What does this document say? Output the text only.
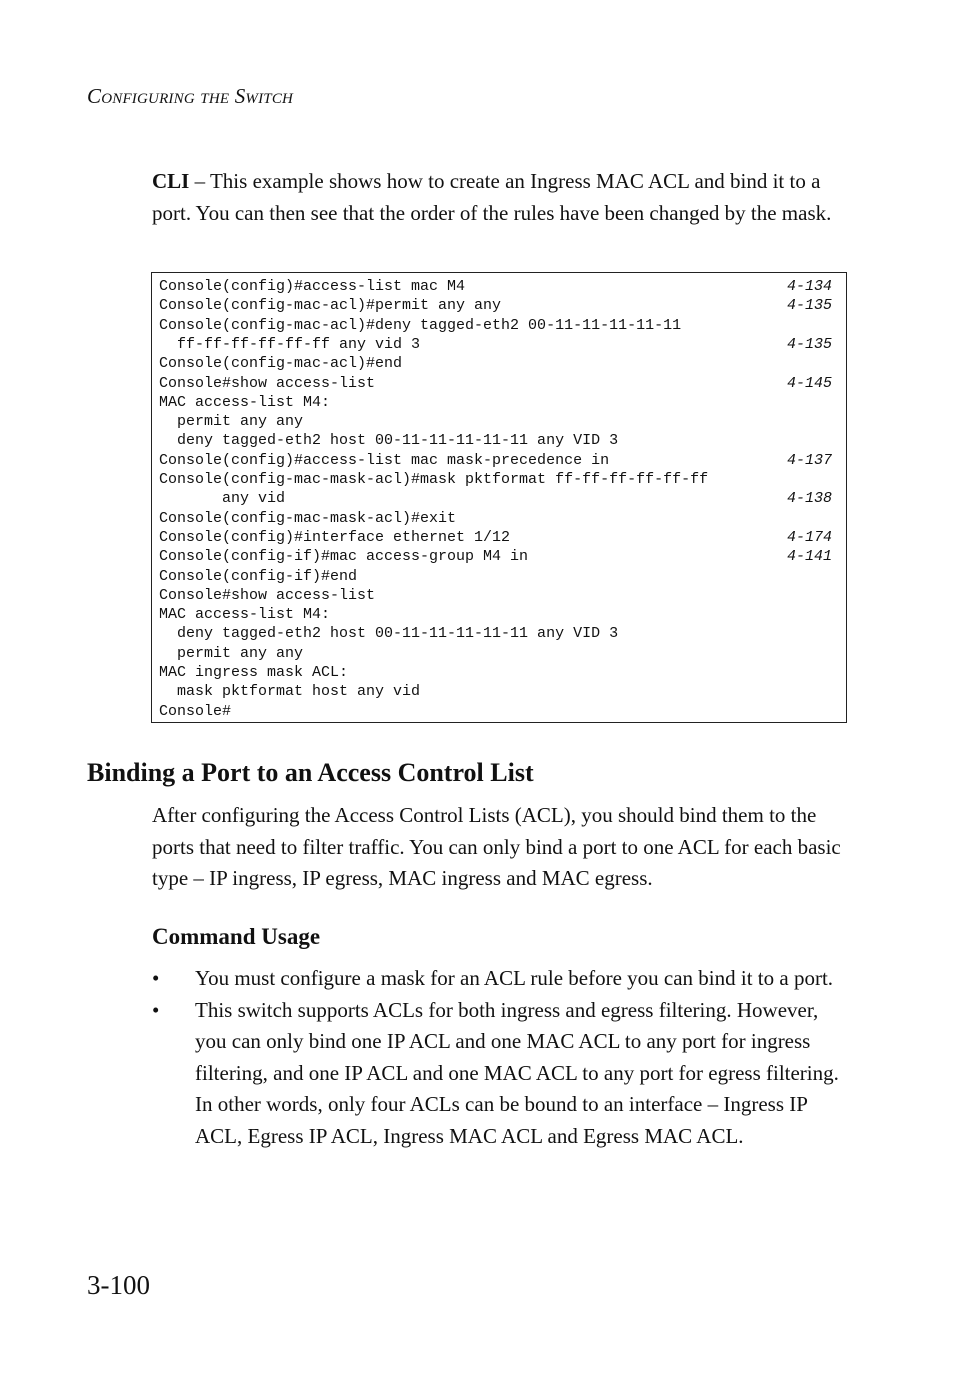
Configuring the Switch

CLI – This example shows how to create an Ingress MAC ACL and bind it to a port. You can then see that the order of the rules have been changed by the mask.

Console(config)#access-list mac M4	4-134
Console(config-mac-acl)#permit any any	4-135
Console(config-mac-acl)#deny tagged-eth2 00-11-11-11-11-11
ff-ff-ff-ff-ff-ff any vid 3	4-135
Console(config-mac-acl)#end
Console#show access-list	4-145
MAC access-list M4:
permit any any
deny tagged-eth2 host 00-11-11-11-11-11 any VID 3
Console(config)#access-list mac mask-precedence in	4-137
Console(config-mac-mask-acl)#mask pktformat ff-ff-ff-ff-ff-ff
any vid	4-138
Console(config-mac-mask-acl)#exit
Console(config)#interface ethernet 1/12	4-174
Console(config-if)#mac access-group M4 in	4-141
Console(config-if)#end
Console#show access-list
MAC access-list M4:
deny tagged-eth2 host 00-11-11-11-11-11 any VID 3
permit any any
MAC ingress mask ACL:
mask pktformat host any vid
Console#
Binding a Port to an Access Control List

After configuring the Access Control Lists (ACL), you should bind them to the ports that need to filter traffic. You can only bind a port to one ACL for each basic type – IP ingress, IP egress, MAC ingress and MAC egress.

Command Usage
• You must configure a mask for an ACL rule before you can bind it to a port.
• This switch supports ACLs for both ingress and egress filtering. However, you can only bind one IP ACL and one MAC ACL to any port for ingress filtering, and one IP ACL and one MAC ACL to any port for egress filtering. In other words, only four ACLs can be bound to an interface – Ingress IP ACL, Egress IP ACL, Ingress MAC ACL and Egress MAC ACL.
3-100
